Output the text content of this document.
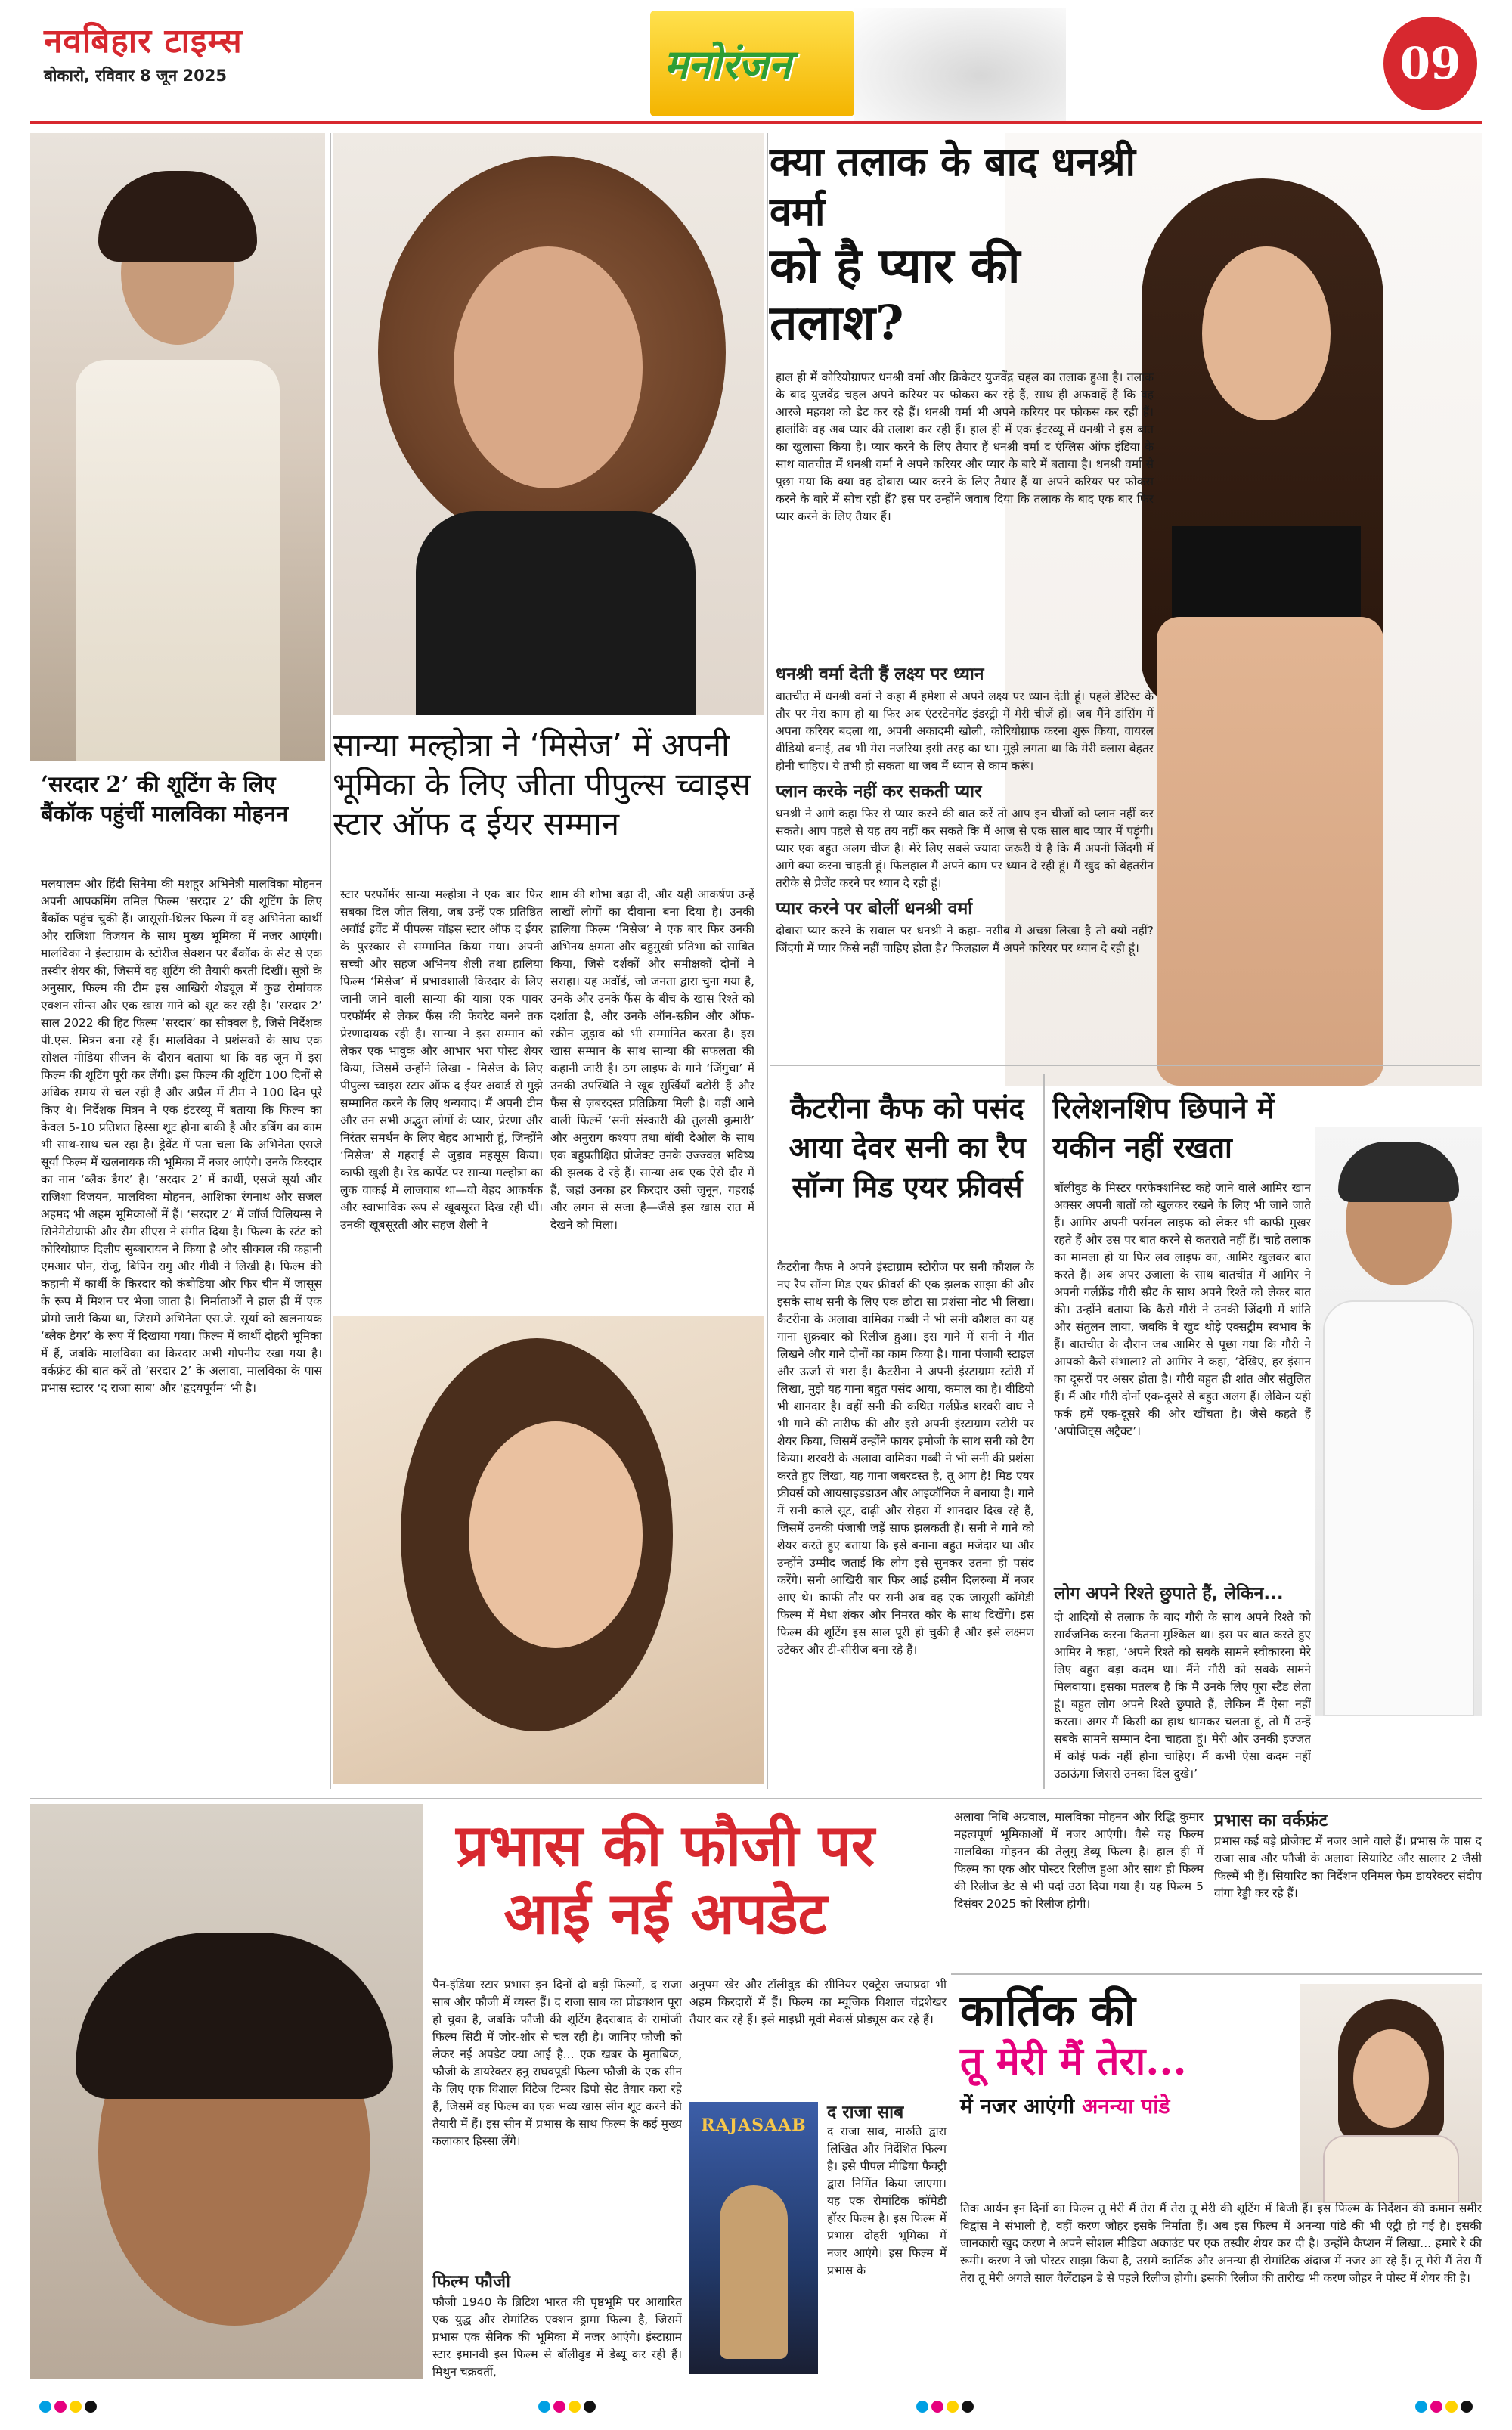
नवबिहार टाइम्स
बोकारो, रविवार 8 जून 2025	मनोरंजन	09
‘सरदार 2’ की शूटिंग के लिए बैंकॉक पहुंचीं मालविका मोहनन
मलयालम और हिंदी सिनेमा की मशहूर अभिनेत्री मालविका मोहनन अपनी आपकमिंग तमिल फिल्म ‘सरदार 2’ की शूटिंग के लिए बैंकॉक पहुंच चुकी हैं। जासूसी-थ्रिलर फिल्म में वह अभिनेता कार्थी और राजिशा विजयन के साथ मुख्य भूमिका में नजर आएंगी। मालविका ने इंस्टाग्राम के स्टोरीज सेक्शन पर बैंकॉक के सेट से एक तस्वीर शेयर की, जिसमें वह शूटिंग की तैयारी करती दिखीं। सूत्रों के अनुसार, फिल्म की टीम इस आखिरी शेड्यूल में कुछ रोमांचक एक्शन सीन्स और एक खास गाने को शूट कर रही है। ‘सरदार 2’ साल 2022 की हिट फिल्म ‘सरदार’ का सीक्वल है, जिसे निर्देशक पी.एस. मित्रन बना रहे हैं। मालविका ने प्रशंसकों के साथ एक सोशल मीडिया सीजन के दौरान बताया था कि वह जून में इस फिल्म की शूटिंग पूरी कर लेंगी। इस फिल्म की शूटिंग 100 दिनों से अधिक समय से चल रही है और अप्रैल में टीम ने 100 दिन पूरे किए थे। निर्देशक मित्रन ने एक इंटरव्यू में बताया कि फिल्म का केवल 5-10 प्रतिशत हिस्सा शूट होना बाकी है और डबिंग का काम भी साथ-साथ चल रहा है। ड्रेवेंट में पता चला कि अभिनेता एसजे सूर्या फिल्म में खलनायक की भूमिका में नजर आएंगे। उनके किरदार का नाम ‘ब्लैक डैगर’ है। ‘सरदार 2’ में कार्थी, एसजे सूर्या और राजिशा विजयन, मालविका मोहनन, आशिका रंगनाथ और सजल अहमद भी अहम भूमिकाओं में हैं। ‘सरदार 2’ में जॉर्ज विलियम्स ने सिनेमेटोग्राफी और सैम सीएस ने संगीत दिया है। फिल्म के स्टंट को कोरियोग्राफ दिलीप सुब्बारायन ने किया है और सीक्वल की कहानी एमआर पोन, रोजू, बिपिन रागु और गीवी ने लिखी है। फिल्म की कहानी में कार्थी के किरदार को कंबोडिया और फिर चीन में जासूस के रूप में मिशन पर भेजा जाता है। निर्माताओं ने हाल ही में एक प्रोमो जारी किया था, जिसमें अभिनेता एस.जे. सूर्या को खलनायक ‘ब्लैक डैगर’ के रूप में दिखाया गया। फिल्म में कार्थी दोहरी भूमिका में हैं, जबकि मालविका का किरदार अभी गोपनीय रखा गया है। वर्कफ्रंट की बात करें तो ‘सरदार 2’ के अलावा, मालविका के पास प्रभास स्टारर ‘द राजा साब’ और ‘हृदयपूर्वम’ भी है।
सान्या मल्होत्रा ने ‘मिसेज’ में अपनी भूमिका के लिए जीता पीपुल्स च्वाइस स्टार ऑफ द ईयर सम्मान
स्टार परफॉर्मर सान्या मल्होत्रा ने एक बार फिर सबका दिल जीत लिया, जब उन्हें एक प्रतिष्ठित अवॉर्ड इवेंट में पीपल्स चॉइस स्टार ऑफ द ईयर के पुरस्कार से सम्मानित किया गया। अपनी सच्ची और सहज अभिनय शैली तथा हालिया फिल्म ‘मिसेज’ में प्रभावशाली किरदार के लिए जानी जाने वाली सान्या की यात्रा एक पावर परफॉर्मर से लेकर फैंस की फेवरेट बनने तक प्रेरणादायक रही है। सान्या ने इस सम्मान को लेकर एक भावुक और आभार भरा पोस्ट शेयर किया, जिसमें उन्होंने लिखा - मिसेज के लिए पीपुल्स च्वाइस स्टार ऑफ द ईयर अवार्ड से मुझे सम्मानित करने के लिए धन्यवाद। मैं अपनी टीम और उन सभी अद्भुत लोगों के प्यार, प्रेरणा और निरंतर समर्थन के लिए बेहद आभारी हूं, जिन्होंने ‘मिसेज’ से गहराई से जुड़ाव महसूस किया। काफी खुशी है। रेड कार्पेट पर सान्या मल्होत्रा का लुक वाकई में लाजवाब था—वो बेहद आकर्षक और स्वाभाविक रूप से खूबसूरत दिख रही थीं। उनकी खूबसूरती और सहज शैली ने
शाम की शोभा बढ़ा दी, और यही आकर्षण उन्हें लाखों लोगों का दीवाना बना दिया है। उनकी हालिया फिल्म ‘मिसेज’ ने एक बार फिर उनकी अभिनय क्षमता और बहुमुखी प्रतिभा को साबित किया, जिसे दर्शकों और समीक्षकों दोनों ने सराहा। यह अवॉर्ड, जो जनता द्वारा चुना गया है, उनके और उनके फैंस के बीच के खास रिश्ते को दर्शाता है, और उनके ऑन-स्क्रीन और ऑफ-स्क्रीन जुड़ाव को भी सम्मानित करता है। इस खास सम्मान के साथ सान्या की सफलता की कहानी जारी है। ठग लाइफ के गाने ‘जिंगुचा’ में उनकी उपस्थिति ने खूब सुर्खियाँ बटोरी हैं और फैंस से ज़बरदस्त प्रतिक्रिया मिली है। वहीं आने वाली फिल्में ‘सनी संस्कारी की तुलसी कुमारी’ और अनुराग कश्यप तथा बॉबी देओल के साथ एक बहुप्रतीक्षित प्रोजेक्ट उनके उज्ज्वल भविष्य की झलक दे रहे हैं। सान्या अब एक ऐसे दौर में हैं, जहां उनका हर किरदार उसी जुनून, गहराई और लगन से सजा है—जैसे इस खास रात में देखने को मिला।
क्या तलाक के बाद धनश्री वर्मा
को है प्यार की तलाश?
हाल ही में कोरियोग्राफर धनश्री वर्मा और क्रिकेटर युजवेंद्र चहल का तलाक हुआ है। तलाक के बाद युजवेंद्र चहल अपने करियर पर फोकस कर रहे हैं, साथ ही अफवाहें हैं कि वह आरजे महवश को डेट कर रहे हैं। धनश्री वर्मा भी अपने करियर पर फोकस कर रही हैं। हालांकि वह अब प्यार की तलाश कर रही हैं। हाल ही में एक इंटरव्यू में धनश्री ने इस बात का खुलासा किया है। प्यार करने के लिए तैयार हैं धनश्री वर्मा द एंग्लिस ऑफ इंडिया के साथ बातचीत में धनश्री वर्मा ने अपने करियर और प्यार के बारे में बताया है। धनश्री वर्मा से पूछा गया कि क्या वह दोबारा प्यार करने के लिए तैयार हैं या अपने करियर पर फोकस करने के बारे में सोच रही हैं? इस पर उन्होंने जवाब दिया कि तलाक के बाद एक बार फिर प्यार करने के लिए तैयार हैं।
धनश्री वर्मा देती हैं लक्ष्य पर ध्यान
बातचीत में धनश्री वर्मा ने कहा मैं हमेशा से अपने लक्ष्य पर ध्यान देती हूं। पहले डेंटिस्ट के तौर पर मेरा काम हो या फिर अब एंटरटेनमेंट इंडस्ट्री में मेरी चीजें हों। जब मैंने डांसिंग में अपना करियर बदला था, अपनी अकादमी खोली, कोरियोग्राफ करना शुरू किया, वायरल वीडियो बनाई, तब भी मेरा नजरिया इसी तरह का था। मुझे लगता था कि मेरी क्लास बेहतर होनी चाहिए। ये तभी हो सकता था जब मैं ध्यान से काम करूं।
प्लान करके नहीं कर सकती प्यार
धनश्री ने आगे कहा फिर से प्यार करने की बात करें तो आप इन चीजों को प्लान नहीं कर सकते। आप पहले से यह तय नहीं कर सकते कि मैं आज से एक साल बाद प्यार में पड़ूंगी। प्यार एक बहुत अलग चीज है। मेरे लिए सबसे ज्यादा जरूरी ये है कि मैं अपनी जिंदगी में आगे क्या करना चाहती हूं। फिलहाल मैं अपने काम पर ध्यान दे रही हूं। मैं खुद को बेहतरीन तरीके से प्रेजेंट करने पर ध्यान दे रही हूं।
प्यार करने पर बोलीं धनश्री वर्मा
दोबारा प्यार करने के सवाल पर धनश्री ने कहा- नसीब में अच्छा लिखा है तो क्यों नहीं? जिंदगी में प्यार किसे नहीं चाहिए होता है? फिलहाल मैं अपने करियर पर ध्यान दे रही हूं।
कैटरीना कैफ को पसंद आया देवर सनी का रैप सॉन्ग मिड एयर फ्रीवर्स
कैटरीना कैफ ने अपने इंस्टाग्राम स्टोरीज पर सनी कौशल के नए रैप सॉन्ग मिड एयर फ्रीवर्स की एक झलक साझा की और इसके साथ सनी के लिए एक छोटा सा प्रशंसा नोट भी लिखा। कैटरीना के अलावा वामिका गब्बी ने भी सनी कौशल का यह गाना शुक्रवार को रिलीज हुआ। इस गाने में सनी ने गीत लिखने और गाने दोनों का काम किया है। गाना पंजाबी स्टाइल और ऊर्जा से भरा है। कैटरीना ने अपनी इंस्टाग्राम स्टोरी में लिखा, मुझे यह गाना बहुत पसंद आया, कमाल का है। वीडियो भी शानदार है। वहीं सनी की कथित गर्लफ्रेंड शरवरी वाघ ने भी गाने की तारीफ की और इसे अपनी इंस्टाग्राम स्टोरी पर शेयर किया, जिसमें उन्होंने फायर इमोजी के साथ सनी को टैग किया। शरवरी के अलावा वामिका गब्बी ने भी सनी की प्रशंसा करते हुए लिखा, यह गाना जबरदस्त है, तू आग है! मिड एयर फ्रीवर्स को आयसाइडडाउन और आइकॉनिक ने बनाया है। गाने में सनी काले सूट, दाढ़ी और सेहरा में शानदार दिख रहे हैं, जिसमें उनकी पंजाबी जड़ें साफ झलकती हैं। सनी ने गाने को शेयर करते हुए बताया कि इसे बनाना बहुत मजेदार था और उन्होंने उम्मीद जताई कि लोग इसे सुनकर उतना ही पसंद करेंगे। सनी आखिरी बार फिर आई हसीन दिलरुबा में नजर आए थे। काफी तौर पर सनी अब वह एक जासूसी कॉमेडी फिल्म में मेधा शंकर और निमरत कौर के साथ दिखेंगे। इस फिल्म की शूटिंग इस साल पूरी हो चुकी है और इसे लक्ष्मण उटेकर और टी-सीरीज बना रहे हैं।
रिलेशनशिप छिपाने में यकीन नहीं रखता
बॉलीवुड के मिस्टर परफेक्शनिस्ट कहे जाने वाले आमिर खान अक्सर अपनी बातों को खुलकर रखने के लिए भी जाने जाते हैं। आमिर अपनी पर्सनल लाइफ को लेकर भी काफी मुखर रहते हैं और उस पर बात करने से कतराते नहीं हैं। चाहे तलाक का मामला हो या फिर लव लाइफ का, आमिर खुलकर बात करते हैं। अब अपर उजाला के साथ बातचीत में आमिर ने अपनी गर्लफ्रेंड गौरी स्प्रैट के साथ अपने रिश्ते को लेकर बात की। उन्होंने बताया कि कैसे गौरी ने उनकी जिंदगी में शांति और संतुलन लाया, जबकि वे खुद थोड़े एक्सट्रीम स्वभाव के हैं। बातचीत के दौरान जब आमिर से पूछा गया कि गौरी ने आपको कैसे संभाला? तो आमिर ने कहा, ‘देखिए, हर इंसान का दूसरों पर असर होता है। गौरी बहुत ही शांत और संतुलित हैं। मैं और गौरी दोनों एक-दूसरे से बहुत अलग हैं। लेकिन यही फर्क हमें एक-दूसरे की ओर खींचता है। जैसे कहते हैं ‘अपोजिट्स अट्रैक्ट’।
लोग अपने रिश्ते छुपाते हैं, लेकिन...
दो शादियों से तलाक के बाद गौरी के साथ अपने रिश्ते को सार्वजनिक करना कितना मुश्किल था। इस पर बात करते हुए आमिर ने कहा, ‘अपने रिश्ते को सबके सामने स्वीकारना मेरे लिए बहुत बड़ा कदम था। मैंने गौरी को सबके सामने मिलवाया। इसका मतलब है कि मैं उनके लिए पूरा स्टैंड लेता हूं। बहुत लोग अपने रिश्ते छुपाते हैं, लेकिन मैं ऐसा नहीं करता। अगर मैं किसी का हाथ थामकर चलता हूं, तो मैं उन्हें सबके सामने सम्मान देना चाहता हूं। मेरी और उनकी इज्जत में कोई फर्क नहीं होना चाहिए। मैं कभी ऐसा कदम नहीं उठाऊंगा जिससे उनका दिल दुखे।’
प्रभास की फौजी पर
आई नई अपडेट
पैन-इंडिया स्टार प्रभास इन दिनों दो बड़ी फिल्मों, द राजा साब और फौजी में व्यस्त हैं। द राजा साब का प्रोडक्शन पूरा हो चुका है, जबकि फौजी की शूटिंग हैदराबाद के रामोजी फिल्म सिटी में जोर-शोर से चल रही है। जानिए फौजी को लेकर नई अपडेट क्या आई है... एक खबर के मुताबिक, फौजी के डायरेक्टर हनु राघवपूडी फिल्म फौजी के एक सीन के लिए एक विशाल विंटेज टिम्बर डिपो सेट तैयार करा रहे हैं, जिसमें वह फिल्म का एक भव्य खास सीन शूट करने की तैयारी में हैं। इस सीन में प्रभास के साथ फिल्म के कई मुख्य कलाकार हिस्सा लेंगे।
फिल्म फौजी
फौजी 1940 के ब्रिटिश भारत की पृष्ठभूमि पर आधारित एक युद्ध और रोमांटिक एक्शन ड्रामा फिल्म है, जिसमें प्रभास एक सैनिक की भूमिका में नजर आएंगे। इंस्टाग्राम स्टार इमानवी इस फिल्म से बॉलीवुड में डेब्यू कर रही हैं। मिथुन चक्रवर्ती,
अनुपम खेर और टॉलीवुड की सीनियर एक्ट्रेस जयाप्रदा भी अहम किरदारों में हैं। फिल्म का म्यूजिक विशाल चंद्रशेखर तैयार कर रहे हैं। इसे माइथ्री मूवी मेकर्स प्रोड्यूस कर रहे हैं।
RAJASAAB
द राजा साब
द राजा साब, मारुति द्वारा लिखित और निर्देशित फिल्म है। इसे पीपल मीडिया फैक्ट्री द्वारा निर्मित किया जाएगा। यह एक रोमांटिक कॉमेडी हॉरर फिल्म है। इस फिल्म में प्रभास दोहरी भूमिका में नजर आएंगे। इस फिल्म में प्रभास के
अलावा निधि अग्रवाल, मालविका मोहनन और रिद्धि कुमार महत्वपूर्ण भूमिकाओं में नजर आएंगी। वैसे यह फिल्म मालविका मोहनन की तेलुगु डेब्यू फिल्म है। हाल ही में फिल्म का एक और पोस्टर रिलीज हुआ और साथ ही फिल्म की रिलीज डेट से भी पर्दा उठा दिया गया है। यह फिल्म 5 दिसंबर 2025 को रिलीज होगी।
प्रभास का वर्कफ्रंट
प्रभास कई बड़े प्रोजेक्ट में नजर आने वाले हैं। प्रभास के पास द राजा साब और फौजी के अलावा सियारिट और सालार 2 जैसी फिल्में भी हैं। सियारिट का निर्देशन एनिमल फेम डायरेक्टर संदीप वांगा रेड्डी कर रहे हैं।
कार्तिक की
तू मेरी मैं तेरा...
में नजर आएंगी अनन्या पांडे
तिक आर्यन इन दिनों का फिल्म तू मेरी मैं तेरा मैं तेरा तू मेरी की शूटिंग में बिजी हैं। इस फिल्म के निर्देशन की कमान समीर विद्वांस ने संभाली है, वहीं करण जौहर इसके निर्माता हैं। अब इस फिल्म में अनन्या पांडे की भी एंट्री हो गई है। इसकी जानकारी खुद करण ने अपने सोशल मीडिया अकाउंट पर एक तस्वीर शेयर कर दी है। उन्होंने कैप्शन में लिखा... हमारे रे की रूमी। करण ने जो पोस्टर साझा किया है, उसमें कार्तिक और अनन्या ही रोमांटिक अंदाज में नजर आ रहे हैं। तू मेरी मैं तेरा मैं तेरा तू मेरी अगले साल वैलेंटाइन डे से पहले रिलीज होगी। इसकी रिलीज की तारीख भी करण जौहर ने पोस्ट में शेयर की है।
